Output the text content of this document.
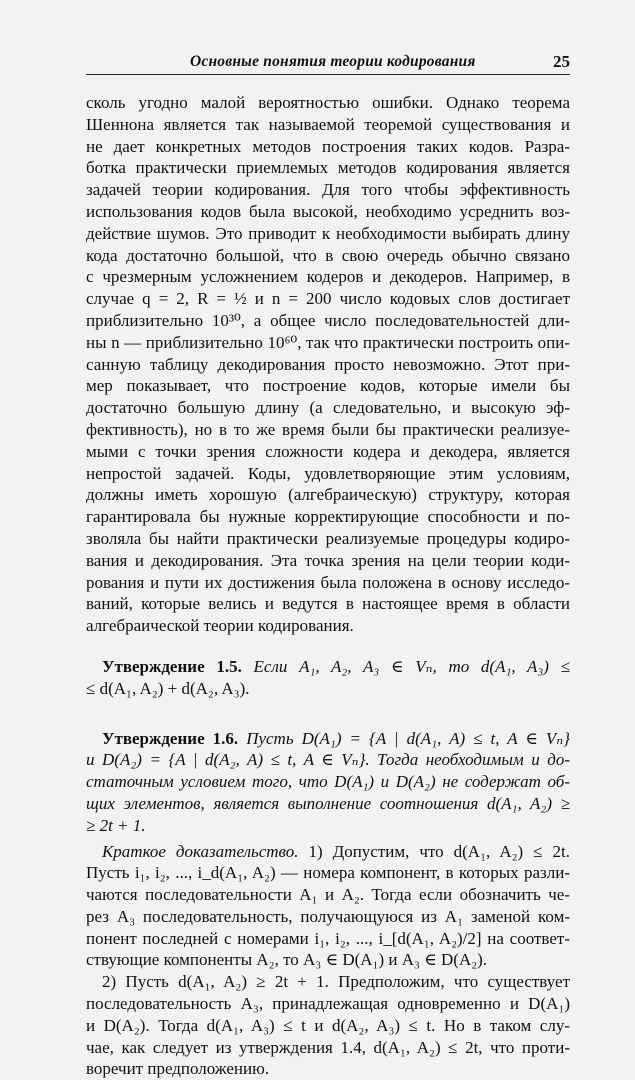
Основные понятия теории кодирования	25
сколь угодно малой вероятностью ошибки. Однако теорема
Шеннона является так называемой теоремой существования и
не дает конкретных методов построения таких кодов. Разра-
ботка практически приемлемых методов кодирования является
задачей теории кодирования. Для того чтобы эффективность
использования кодов была высокой, необходимо усреднить воз-
действие шумов. Это приводит к необходимости выбирать длину
кода достаточно большой, что в свою очередь обычно связано
с чрезмерным усложнением кодеров и декодеров. Например, в
случае q = 2, R = ½ и n = 200 число кодовых слов достигает
приблизительно 10³⁰, а общее число последовательностей дли-
ны n — приблизительно 10⁶⁰, так что практически построить опи-
санную таблицу декодирования просто невозможно. Этот при-
мер показывает, что построение кодов, которые имели бы
достаточно большую длину (а следовательно, и высокую эф-
фективность), но в то же время были бы практически реализуе-
мыми с точки зрения сложности кодера и декодера, является
непростой задачей. Коды, удовлетворяющие этим условиям,
должны иметь хорошую (алгебраическую) структуру, которая
гарантировала бы нужные корректирующие способности и по-
зволяла бы найти практически реализуемые процедуры кодиро-
вания и декодирования. Эта точка зрения на цели теории коди-
рования и пути их достижения была положена в основу исследо-
ваний, которые велись и ведутся в настоящее время в области
алгебраической теории кодирования.
Утверждение 1.5. Если A₁, A₂, A₃ ∈ Vₙ, то d(A₁, A₃) ≤
≤ d(A₁, A₂) + d(A₂, A₃).
Утверждение 1.6. Пусть D(A₁) = {A | d(A₁, A) ≤ t, A ∈ Vₙ}
и D(A₂) = {A | d(A₂, A) ≤ t, A ∈ Vₙ}. Тогда необходимым и до-
статочным условием того, что D(A₁) и D(A₂) не содержат об-
щих элементов, является выполнение соотношения d(A₁, A₂) ≥
≥ 2t + 1.
Краткое доказательство. 1) Допустим, что d(A₁, A₂) ≤ 2t.
Пусть i₁, i₂, ..., i_d(A₁, A₂) — номера компонент, в которых разли-
чаются последовательности A₁ и A₂. Тогда если обозначить че-
рез A₃ последовательность, получающуюся из A₁ заменой ком-
понент последней с номерами i₁, i₂, ..., i_[d(A₁, A₂)/2] на соответ-
ствующие компоненты A₂, то A₃ ∈ D(A₁) и A₃ ∈ D(A₂).
2) Пусть d(A₁, A₂) ≥ 2t + 1. Предположим, что существует
последовательность A₃, принадлежащая одновременно и D(A₁)
и D(A₂). Тогда d(A₁, A₃) ≤ t и d(A₂, A₃) ≤ t. Но в таком слу-
чае, как следует из утверждения 1.4, d(A₁, A₂) ≤ 2t, что проти-
воречит предположению.
